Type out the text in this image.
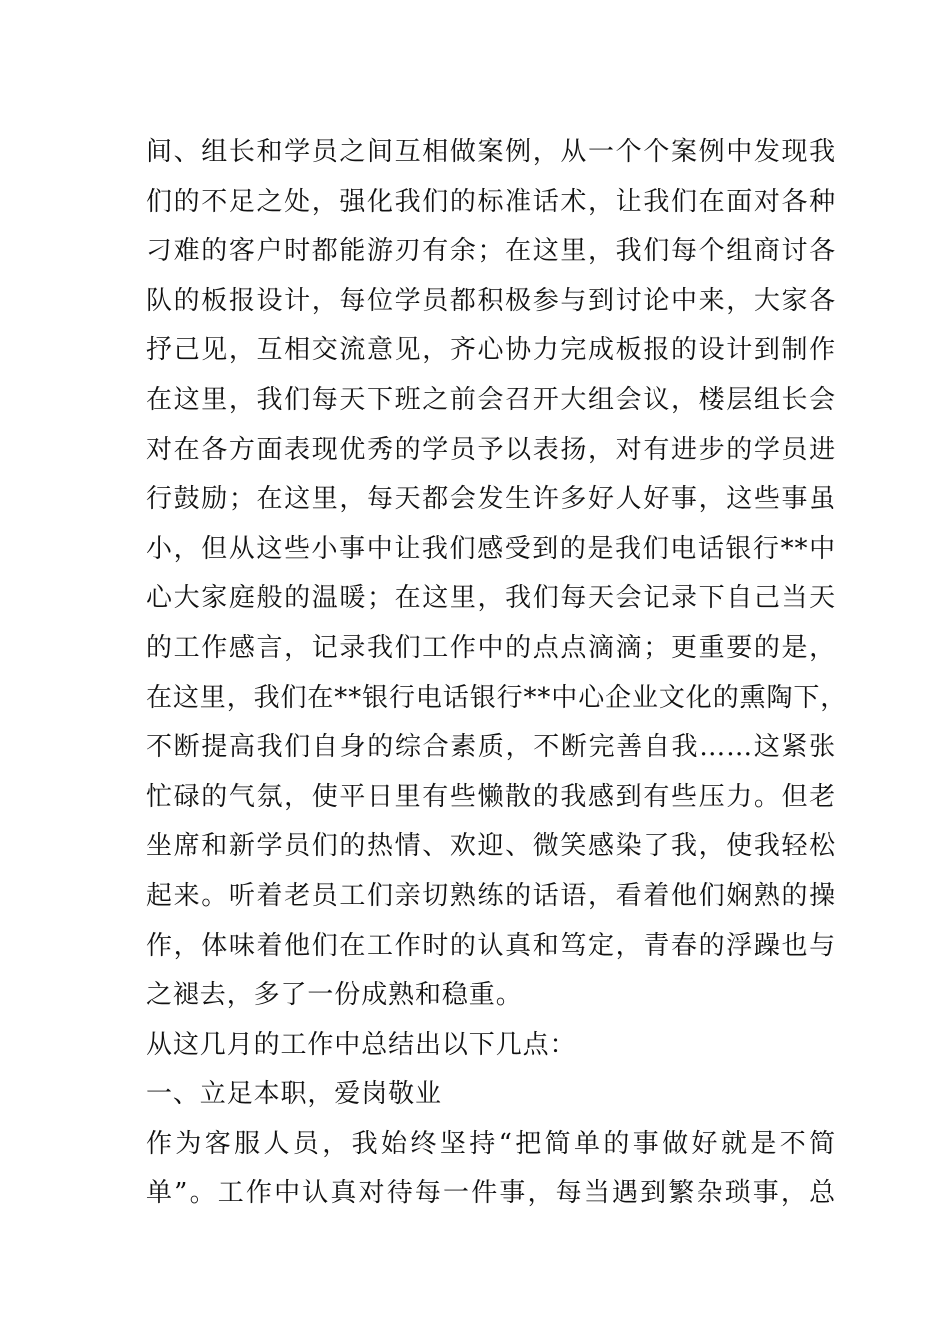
间、组长和学员之间互相做案例，从一个个案例中发现我
们的不足之处，强化我们的标准话术，让我们在面对各种
刁难的客户时都能游刃有余；在这里，我们每个组商讨各
队的板报设计，每位学员都积极参与到讨论中来，大家各
抒己见，互相交流意见，齐心协力完成板报的设计到制作
在这里，我们每天下班之前会召开大组会议，楼层组长会
对在各方面表现优秀的学员予以表扬，对有进步的学员进
行鼓励；在这里，每天都会发生许多好人好事，这些事虽
小，但从这些小事中让我们感受到的是我们电话银行**中
心大家庭般的温暖；在这里，我们每天会记录下自己当天
的工作感言，记录我们工作中的点点滴滴；更重要的是，
在这里，我们在**银行电话银行**中心企业文化的熏陶下，
不断提高我们自身的综合素质，不断完善自我……这紧张
忙碌的气氛，使平日里有些懒散的我感到有些压力。但老
坐席和新学员们的热情、欢迎、微笑感染了我，使我轻松
起来。听着老员工们亲切熟练的话语，看着他们娴熟的操
作，体味着他们在工作时的认真和笃定，青春的浮躁也与
之褪去，多了一份成熟和稳重。
从这几月的工作中总结出以下几点：
一、立足本职，爱岗敬业
作为客服人员，我始终坚持“把简单的事做好就是不简
单”。工作中认真对待每一件事，每当遇到繁杂琐事，总
